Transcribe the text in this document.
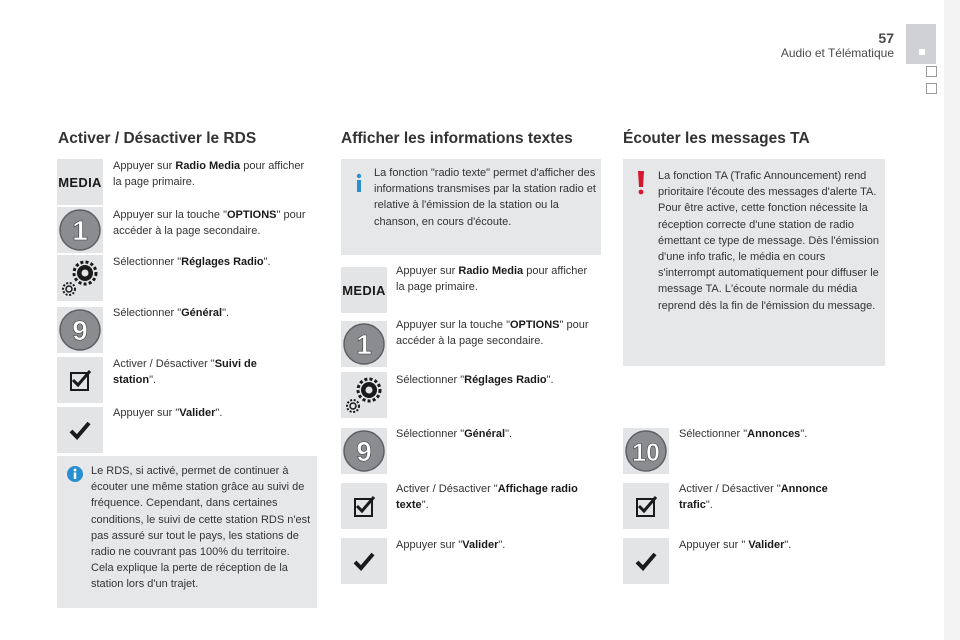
57
Audio et Télématique
Activer / Désactiver le RDS
MEDIA
Appuyer sur Radio Media pour afficher la page primaire.
1 Appuyer sur la touche "OPTIONS" pour accéder à la page secondaire.
Sélectionner "Réglages Radio".
9
Sélectionner "Général".
Activer / Désactiver "Suivi de station".
Appuyer sur "Valider".
Le RDS, si activé, permet de continuer à écouter une même station grâce au suivi de fréquence. Cependant, dans certaines conditions, le suivi de cette station RDS n'est pas assuré sur tout le pays, les stations de radio ne couvrant pas 100% du territoire. Cela explique la perte de réception de la station lors d'un trajet.
Afficher les informations textes
La fonction "radio texte" permet d'afficher des informations transmises par la station radio et relative à l'émission de la station ou la chanson, en cours d'écoute.
MEDIA
Appuyer sur Radio Media pour afficher la page primaire.
1
Appuyer sur la touche "OPTIONS" pour accéder à la page secondaire.
Sélectionner "Réglages Radio".
9
Sélectionner "Général".
Activer / Désactiver "Affichage radio texte".
Appuyer sur "Valider".
Écouter les messages TA
La fonction TA (Trafic Announcement) rend prioritaire l'écoute des messages d'alerte TA. Pour être active, cette fonction nécessite la réception correcte d'une station de radio émettant ce type de message. Dès l'émission d'une info trafic, le média en cours s'interrompt automatiquement pour diffuser le message TA. L'écoute normale du média reprend dès la fin de l'émission du message.
10
Sélectionner "Annonces".
Activer / Désactiver "Annonce trafic".
Appuyer sur " Valider".
